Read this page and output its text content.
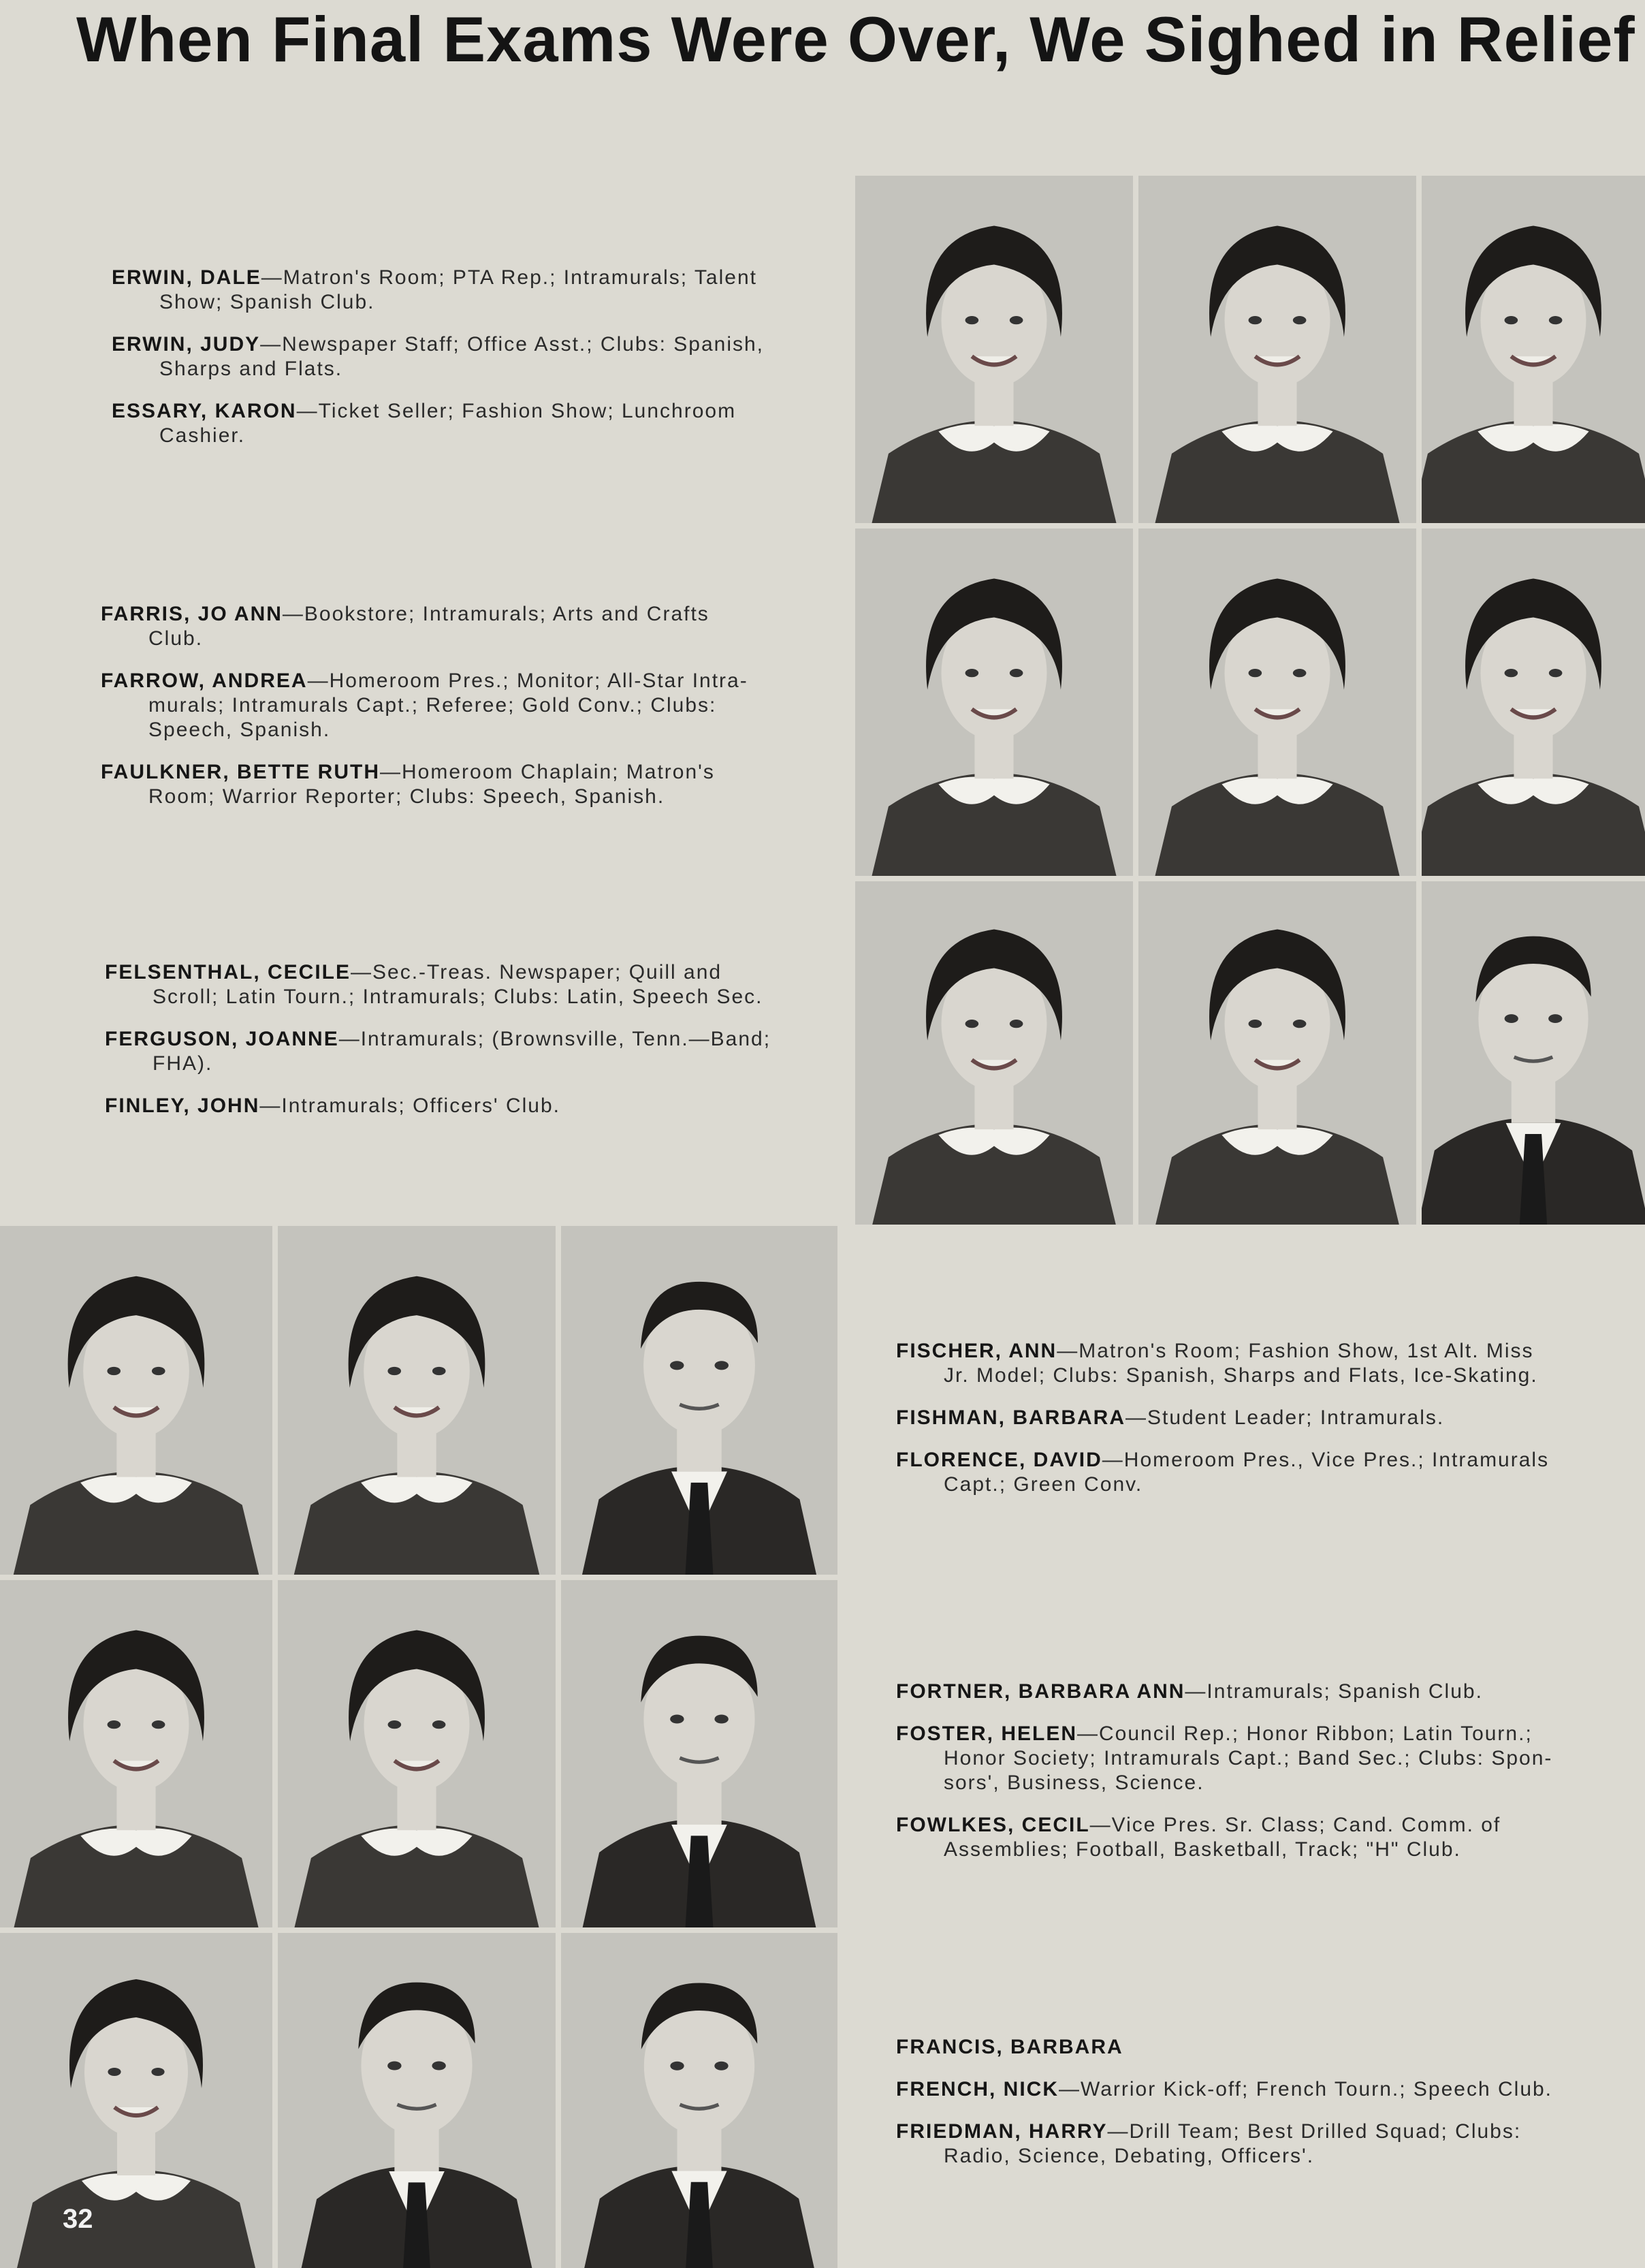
When Final Exams Were Over, We Sighed in Relief
ERWIN, DALE—Matron's Room; PTA Rep.; Intramurals; Talent
Show; Spanish Club.
ERWIN, JUDY—Newspaper Staff; Office Asst.; Clubs: Spanish,
Sharps and Flats.
ESSARY, KARON—Ticket Seller; Fashion Show; Lunchroom
Cashier.
FARRIS, JO ANN—Bookstore; Intramurals; Arts and Crafts
Club.
FARROW, ANDREA—Homeroom Pres.; Monitor; All-Star Intra-
murals; Intramurals Capt.; Referee; Gold Conv.; Clubs:
Speech, Spanish.
FAULKNER, BETTE RUTH—Homeroom Chaplain; Matron's
Room; Warrior Reporter; Clubs: Speech, Spanish.
FELSENTHAL, CECILE—Sec.-Treas. Newspaper; Quill and
Scroll; Latin Tourn.; Intramurals; Clubs: Latin, Speech Sec.
FERGUSON, JOANNE—Intramurals; (Brownsville, Tenn.—Band;
FHA).
FINLEY, JOHN—Intramurals; Officers' Club.
FISCHER, ANN—Matron's Room; Fashion Show, 1st Alt. Miss
Jr. Model; Clubs: Spanish, Sharps and Flats, Ice-Skating.
FISHMAN, BARBARA—Student Leader; Intramurals.
FLORENCE, DAVID—Homeroom Pres., Vice Pres.; Intramurals
Capt.; Green Conv.
FORTNER, BARBARA ANN—Intramurals; Spanish Club.
FOSTER, HELEN—Council Rep.; Honor Ribbon; Latin Tourn.;
Honor Society; Intramurals Capt.; Band Sec.; Clubs: Spon-
sors', Business, Science.
FOWLKES, CECIL—Vice Pres. Sr. Class; Cand. Comm. of
Assemblies; Football, Basketball, Track; "H" Club.
FRANCIS, BARBARA
FRENCH, NICK—Warrior Kick-off; French Tourn.; Speech Club.
FRIEDMAN, HARRY—Drill Team; Best Drilled Squad; Clubs:
Radio, Science, Debating, Officers'.
32
